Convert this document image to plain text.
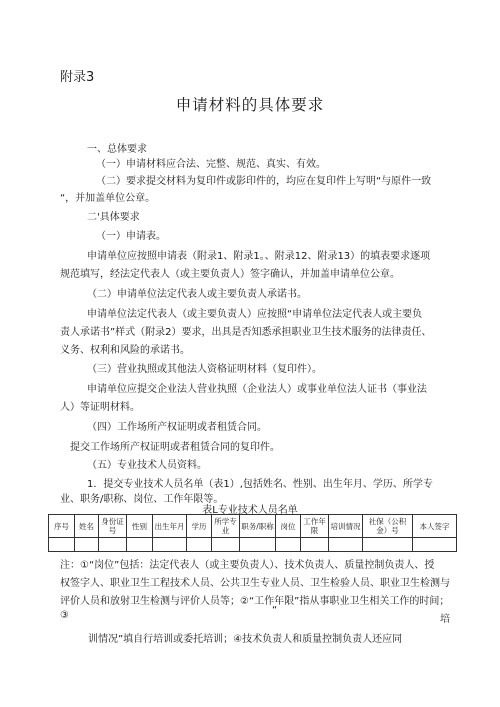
附录3
申请材料的具体要求
一、总体要求
（一）申请材料应合法、完整、规范、真实、有效。
（二）要求提交材料为复印件或影印件的，均应在复印件上写明“与原件一致
“，并加盖单位公章。
二'具体要求
（一）申请表。
申请单位应按照申请表（附录1、附录1。、附录12、附录13）的填表要求逐项
规范填写，经法定代表人（或主要负责人）签字确认，并加盖申请单位公章。
（二）申请单位法定代表人或主要负责人承诺书。
申请单位法定代表人（或主要负责人）应按照“申请单位法定代表人或主要负
责人承诺书”样式（附录2）要求，出具是否知悉承担职业卫生技术服务的法律责任、
义务、权利和风险的承诺书。
（三）营业执照或其他法人资格证明材料（复印件）。
申请单位应提交企业法人营业执照（企业法人）或事业单位法人证书（事业法
人）等证明材料。
（四）工作场所产权证明或者租赁合同。
提交工作场所产权证明或者租赁合同的复印件。
（五）专业技术人员资料。
1．提交专业技术人员名单（表1）,包括姓名、性别、出生年月、学历、所学专
业、职务/职称、岗位、工作年限等。
表L专业技术人员名单
序号	姓名	身份证号	性别	出生年月	学历	所学专业	职务/职称	岗位	工作年限	培训情况	社保（公积金）号	本人签字

注：①“岗位”包括：法定代表人（或主要负责人）、技术负责人、质量控制负责人、授
权签字人、职业卫生工程技术人员、公共卫生专业人员、卫生检验人员、职业卫生检测与
评价人员和放射卫生检测与评价人员等；②“工作年限”指从事职业卫生相关工作的时间；
③	“
培
训情况”填自行培训或委托培训；④技术负责人和质量控制负责人还应同
